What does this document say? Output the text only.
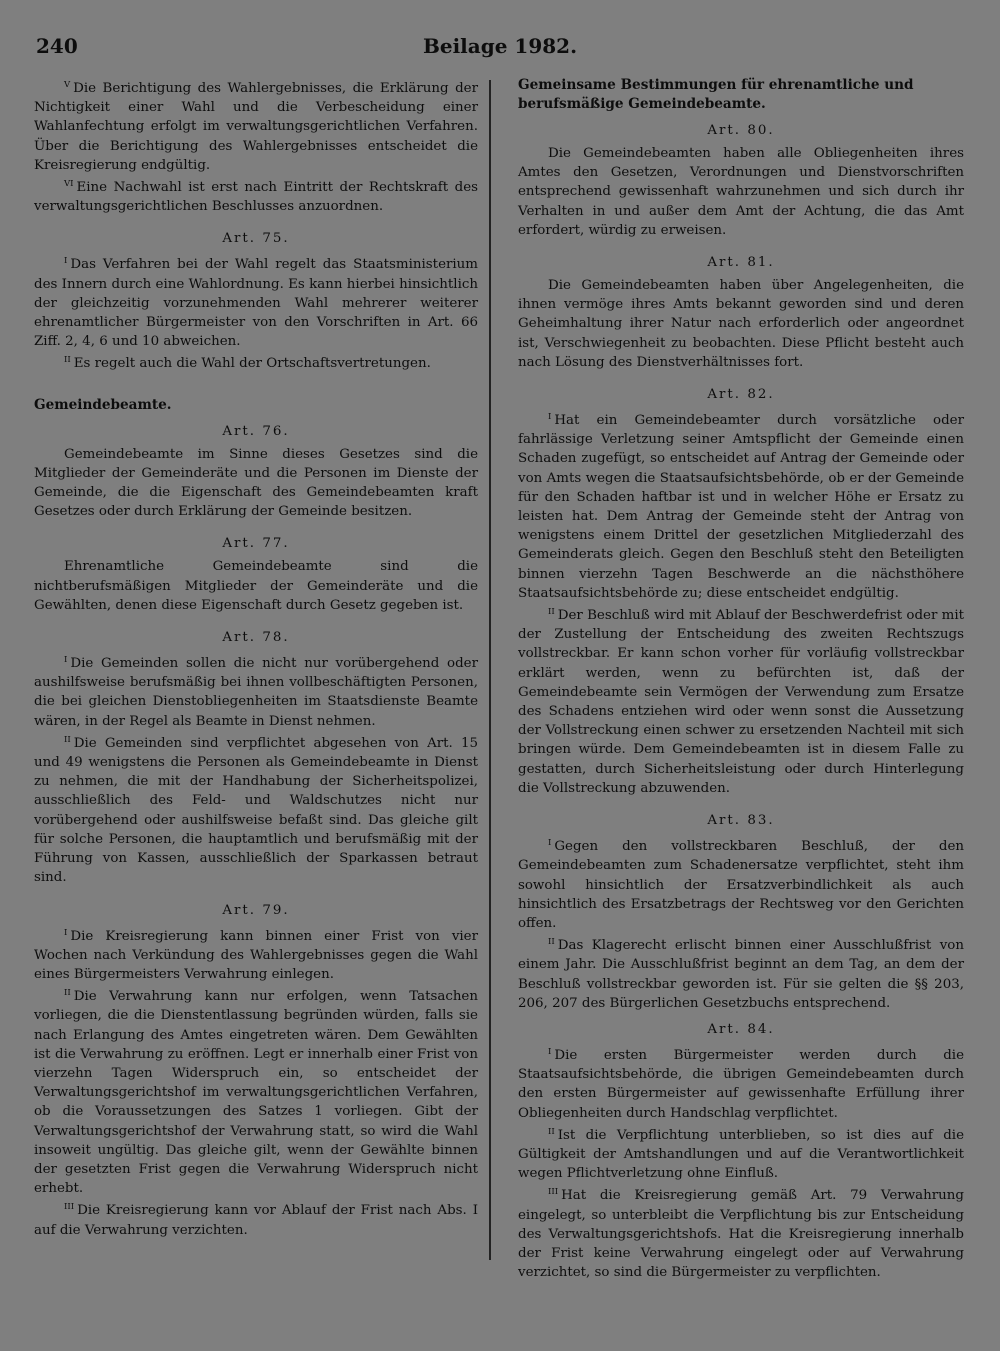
240	Beilage 1982.

$^V$ Die Berichtigung des Wahlergebnisses, die Erklärung der Nichtigkeit einer Wahl und die Verbescheidung einer Wahlanfechtung erfolgt im verwaltungsgerichtlichen Verfahren. Über die Berichtigung des Wahlergebnisses entscheidet die Kreisregierung endgültig.

$^{VI}$ Eine Nachwahl ist erst nach Eintritt der Rechtskraft des verwaltungsgerichtlichen Beschlusses anzuordnen.

Art. 75.

$^I$ Das Verfahren bei der Wahl regelt das Staatsministerium des Innern durch eine Wahlordnung. Es kann hierbei hinsichtlich der gleichzeitig vorzunehmenden Wahl mehrerer weiterer ehrenamtlicher Bürgermeister von den Vorschriften in Art. 66 Ziff. 2, 4, 6 und 10 abweichen.

$^{II}$ Es regelt auch die Wahl der Ortschaftsvertretungen.

Gemeindebeamte.
Art. 76.

Gemeindebeamte im Sinne dieses Gesetzes sind die Mitglieder der Gemeinderäte und die Personen im Dienste der Gemeinde, die die Eigenschaft des Gemeindebeamten kraft Gesetzes oder durch Erklärung der Gemeinde besitzen.

Art. 77.

Ehrenamtliche Gemeindebeamte sind die nichtberufsmäßigen Mitglieder der Gemeinderäte und die Gewählten, denen diese Eigenschaft durch Gesetz gegeben ist.

Art. 78.

$^I$ Die Gemeinden sollen die nicht nur vorübergehend oder aushilfsweise berufsmäßig bei ihnen vollbeschäftigten Personen, die bei gleichen Dienstobliegenheiten im Staatsdienste Beamte wären, in der Regel als Beamte in Dienst nehmen.

$^{II}$ Die Gemeinden sind verpflichtet abgesehen von Art. 15 und 49 wenigstens die Personen als Gemeindebeamte in Dienst zu nehmen, die mit der Handhabung der Sicherheitspolizei, ausschließlich des Feld- und Waldschutzes nicht nur vorübergehend oder aushilfsweise befaßt sind. Das gleiche gilt für solche Personen, die hauptamtlich und berufsmäßig mit der Führung von Kassen, ausschließlich der Sparkassen betraut sind.

Art. 79.

$^I$ Die Kreisregierung kann binnen einer Frist von vier Wochen nach Verkündung des Wahlergebnisses gegen die Wahl eines Bürgermeisters Verwahrung einlegen.

$^{II}$ Die Verwahrung kann nur erfolgen, wenn Tatsachen vorliegen, die die Dienstentlassung begründen würden, falls sie nach Erlangung des Amtes eingetreten wären. Dem Gewählten ist die Verwahrung zu eröffnen. Legt er innerhalb einer Frist von vierzehn Tagen Widerspruch ein, so entscheidet der Verwaltungsgerichtshof im verwaltungsgerichtlichen Verfahren, ob die Voraussetzungen des Satzes 1 vorliegen. Gibt der Verwaltungsgerichtshof der Verwahrung statt, so wird die Wahl insoweit ungültig. Das gleiche gilt, wenn der Gewählte binnen der gesetzten Frist gegen die Verwahrung Widerspruch nicht erhebt.

$^{III}$ Die Kreisregierung kann vor Ablauf der Frist nach Abs. I auf die Verwahrung verzichten.

Gemeinsame Bestimmungen für ehrenamtliche und berufsmäßige Gemeindebeamte.
Art. 80.

Die Gemeindebeamten haben alle Obliegenheiten ihres Amtes den Gesetzen, Verordnungen und Dienstvorschriften entsprechend gewissenhaft wahrzunehmen und sich durch ihr Verhalten in und außer dem Amt der Achtung, die das Amt erfordert, würdig zu erweisen.

Art. 81.

Die Gemeindebeamten haben über Angelegenheiten, die ihnen vermöge ihres Amts bekannt geworden sind und deren Geheimhaltung ihrer Natur nach erforderlich oder angeordnet ist, Verschwiegenheit zu beobachten. Diese Pflicht besteht auch nach Lösung des Dienstverhältnisses fort.

Art. 82.

$^I$ Hat ein Gemeindebeamter durch vorsätzliche oder fahrlässige Verletzung seiner Amtspflicht der Gemeinde einen Schaden zugefügt, so entscheidet auf Antrag der Gemeinde oder von Amts wegen die Staatsaufsichtsbehörde, ob er der Gemeinde für den Schaden haftbar ist und in welcher Höhe er Ersatz zu leisten hat. Dem Antrag der Gemeinde steht der Antrag von wenigstens einem Drittel der gesetzlichen Mitgliederzahl des Gemeinderats gleich. Gegen den Beschluß steht den Beteiligten binnen vierzehn Tagen Beschwerde an die nächsthöhere Staatsaufsichtsbehörde zu; diese entscheidet endgültig.

$^{II}$ Der Beschluß wird mit Ablauf der Beschwerdefrist oder mit der Zustellung der Entscheidung des zweiten Rechtszugs vollstreckbar. Er kann schon vorher für vorläufig vollstreckbar erklärt werden, wenn zu befürchten ist, daß der Gemeindebeamte sein Vermögen der Verwendung zum Ersatze des Schadens entziehen wird oder wenn sonst die Aussetzung der Vollstreckung einen schwer zu ersetzenden Nachteil mit sich bringen würde. Dem Gemeindebeamten ist in diesem Falle zu gestatten, durch Sicherheitsleistung oder durch Hinterlegung die Vollstreckung abzuwenden.

Art. 83.

$^I$ Gegen den vollstreckbaren Beschluß, der den Gemeindebeamten zum Schadenersatze verpflichtet, steht ihm sowohl hinsichtlich der Ersatzverbindlichkeit als auch hinsichtlich des Ersatzbetrags der Rechtsweg vor den Gerichten offen.

$^{II}$ Das Klagerecht erlischt binnen einer Ausschlußfrist von einem Jahr. Die Ausschlußfrist beginnt an dem Tag, an dem der Beschluß vollstreckbar geworden ist. Für sie gelten die §§ 203, 206, 207 des Bürgerlichen Gesetzbuchs entsprechend.

Art. 84.

$^I$ Die ersten Bürgermeister werden durch die Staatsaufsichtsbehörde, die übrigen Gemeindebeamten durch den ersten Bürgermeister auf gewissenhafte Erfüllung ihrer Obliegenheiten durch Handschlag verpflichtet.

$^{II}$ Ist die Verpflichtung unterblieben, so ist dies auf die Gültigkeit der Amtshandlungen und auf die Verantwortlichkeit wegen Pflichtverletzung ohne Einfluß.

$^{III}$ Hat die Kreisregierung gemäß Art. 79 Verwahrung eingelegt, so unterbleibt die Verpflichtung bis zur Entscheidung des Verwaltungsgerichtshofs. Hat die Kreisregierung innerhalb der Frist keine Verwahrung eingelegt oder auf Verwahrung verzichtet, so sind die Bürgermeister zu verpflichten.
